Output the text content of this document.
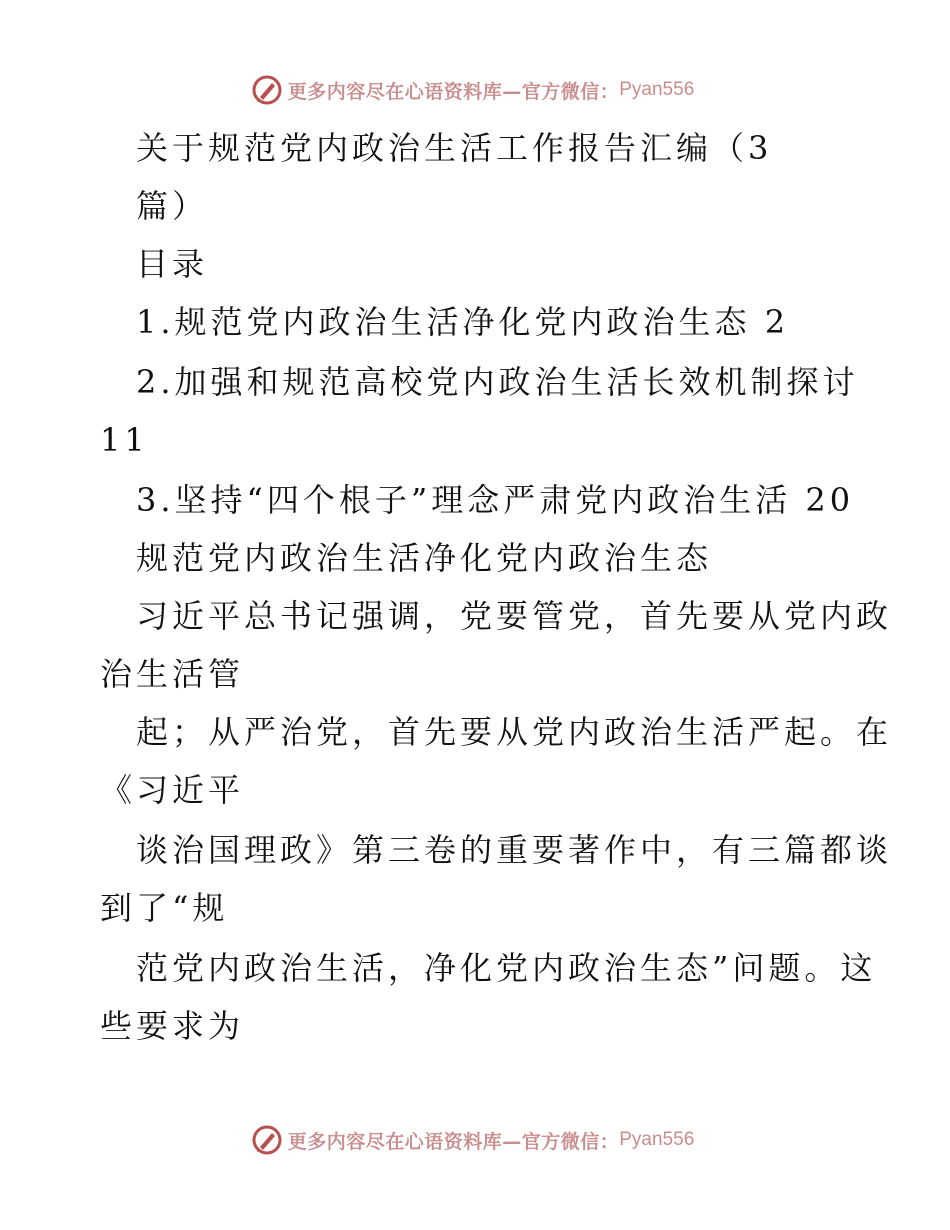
更多内容尽在心语资料库—官方微信： Pyan556
关于规范党内政治生活工作报告汇编（3
篇）
目录
1.规范党内政治生活净化党内政治生态 2
2.加强和规范高校党内政治生活长效机制探讨
11
3.坚持“四个根子”理念严肃党内政治生活 20
规范党内政治生活净化党内政治生态
习近平总书记强调，党要管党，首先要从党内政
治生活管
起；从严治党，首先要从党内政治生活严起。在
《习近平
谈治国理政》第三卷的重要著作中，有三篇都谈
到了“规
范党内政治生活，净化党内政治生态”问题。这
些要求为
更多内容尽在心语资料库—官方微信： Pyan556
